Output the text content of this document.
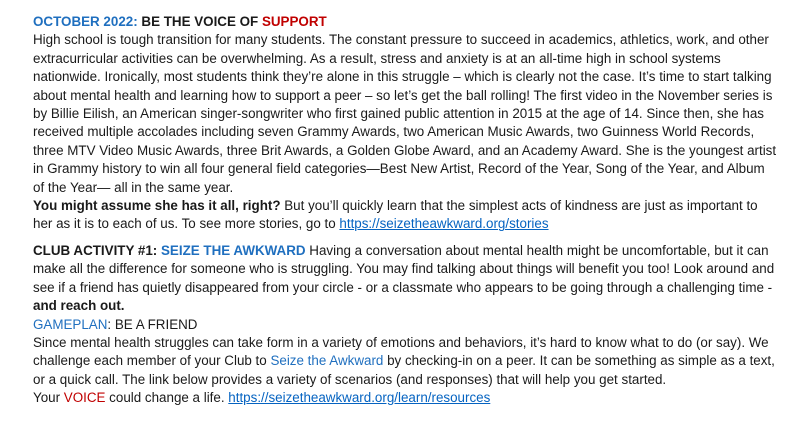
OCTOBER 2022: BE THE VOICE OF SUPPORT

High school is tough transition for many students. The constant pressure to succeed in academics, athletics, work, and other extracurricular activities can be overwhelming. As a result, stress and anxiety is at an all-time high in school systems nationwide. Ironically, most students think they’re alone in this struggle – which is clearly not the case. It’s time to start talking about mental health and learning how to support a peer – so let’s get the ball rolling! The first video in the November series is by Billie Eilish, an American singer-songwriter who first gained public attention in 2015 at the age of 14. Since then, she has received multiple accolades including seven Grammy Awards, two American Music Awards, two Guinness World Records, three MTV Video Music Awards, three Brit Awards, a Golden Globe Award, and an Academy Award. She is the youngest artist in Grammy history to win all four general field categories—Best New Artist, Record of the Year, Song of the Year, and Album of the Year— all in the same year.

You might assume she has it all, right? But you’ll quickly learn that the simplest acts of kindness are just as important to her as it is to each of us. To see more stories, go to https://seizetheawkward.org/stories

CLUB ACTIVITY #1: SEIZE THE AWKWARD Having a conversation about mental health might be uncomfortable, but it can make all the difference for someone who is struggling. You may find talking about things will benefit you too! Look around and see if a friend has quietly disappeared from your circle - or a classmate who appears to be going through a challenging time - and reach out.

GAMEPLAN: BE A FRIEND

Since mental health struggles can take form in a variety of emotions and behaviors, it’s hard to know what to do (or say). We challenge each member of your Club to Seize the Awkward by checking-in on a peer. It can be something as simple as a text, or a quick call. The link below provides a variety of scenarios (and responses) that will help you get started.

Your VOICE could change a life. https://seizetheawkward.org/learn/resources
